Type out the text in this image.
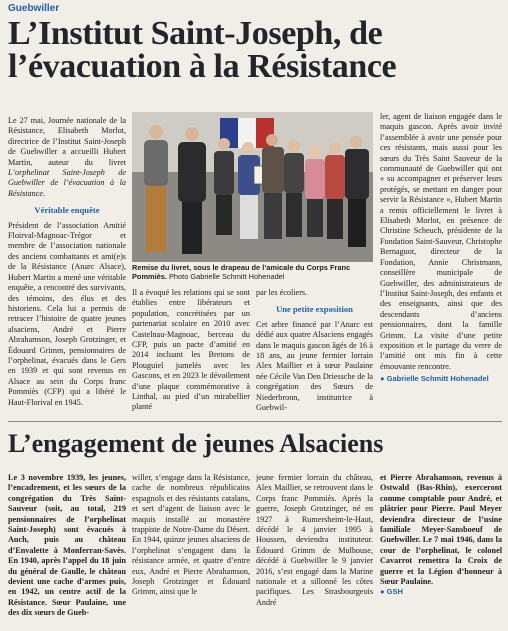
Guebwiller
L’Institut Saint-Joseph, de l’évacuation à la Résistance

Le 27 mai, Journée nationale de la Résistance, Elisabeth Morlot, directrice de l’Institut Saint-Joseph de Guebwiller a accueilli Hubert Martin, auteur du livret L’orphelinat Saint-Joseph de Guebwiller de l’évacuation à la Résistance.

Véritable enquête

Président de l’association Amitié Floirval-Magnoac-Trégor et membre de l’association nationale des anciens combattants et ami(e)s de la Résistance (Anarc Alsace), Hubert Martin a mené une véritable enquête, a rencontré des survivants, des témoins, des élus et des historiens. Cela lui a permis de retracer l’histoire de quatre jeunes alsaciens, André et Pierre Abrahamson, Joseph Grotzinger, et Édouard Grimm, pensionnaires de l’orphelinat, évacués dans le Gers en 1939 et qui sont revenus en Alsace au sein du Corps franc Pommiès (CFP) qui a libéré le Haut-Florival en 1945.

Remise du livret, sous le drapeau de l’amicale du Corps Franc Pommiès. Photo Gabrielle Schmitt Hohenadel

Il a évoqué les relations qui se sont établies entre libérateurs et population, concrétisées par un partenariat scolaire en 2010 avec Castelnau-Magnoac, berceau du CFP, puis un pacte d’amitié en 2014 incluant les Bretons de Plouguiel jumelés avec les Gascons, et en 2023 le dévoilement d’une plaque commémorative à Linthal, au pied d’un mirabellier planté

par les écoliers.

Une petite exposition

Cet arbre financé par l’Anarc est dédié aux quatre Alsaciens engagés dans le maquis gascon âgés de 16 à 18 ans, au jeune fermier lorrain Alex Maillier et à sœur Paulaine née Cécile Van Den Driessche de la congrégation des Sœurs de Niederbronn, institutrice à Guebwil-

ler, agent de liaison engagée dans le maquis gascon. Après avoir invité l’assemblée à avoir une pensée pour ces résistants, mais aussi pour les sœurs du Très Saint Sauveur de la communauté de Guebwiller qui ont « su accompagner et préserver leurs protégés, se mettant en danger pour servir la Résistance », Hubert Martin a remis officiellement le livret à Elisabeth Morlot, en présence de Christine Scheuch, présidente de la Fondation Saint-Sauveur, Christophe Bernaguot, directeur de la Fondation, Annie Christmann, conseillère municipale de Guebwiller, des administrateurs de l’Institut Saint-Joseph, des enfants et des enseignants, ainsi que des descendants d’anciens pensionnaires, dont la famille Grimm. La visite d’une petite exposition et le partage du verre de l’amitié ont mis fin à cette émouvante rencontre.

● Gabrielle Schmitt Hohenadel

L’engagement de jeunes Alsaciens
Le 3 novembre 1939, les jeunes, l’encadrement, et les sœurs de la congrégation du Très Saint-Sauveur (soit, au total, 219 pensionnaires de l’orphelinat Saint-Joseph) sont évacués à Auch, puis au château d’Envalette à Monferran-Savès. En 1940, après l’appel du 18 juin du général de Gaulle, le château devient une cache d’armes puis, en 1942, un centre actif de la Résistance. Sœur Paulaine, une des dix sœurs de Gueb-
willer, s’engage dans la Résistance, cache de nombreux républicains espagnols et des résistants catalans, et sert d’agent de liaison avec le maquis installé au monastère trappiste de Notre-Dame du Désert. En 1944, quinze jeunes alsaciens de l’orphelinat s’engagent dans la résistance armée, et quatre d’entre eux, André et Pierre Abrahamson, Joseph Grotzinger et Édouard Grimm, ainsi que le
jeune fermier lorrain du château, Alex Maillier, se retrouvent dans le Corps franc Pommiès. Après la guerre, Joseph Grotzinger, né en 1927 à Rumersheim-le-Haut, décédé le 4 janvier 1995 à Houssen, deviendra instituteur. Édouard Grimm de Mulhouse, décédé à Guebwiller le 9 janvier 2016, s’est engagé dans la Marine nationale et a sillonné les côtes pacifiques. Les Strasbourgeois André

et Pierre Abrahamson, revenus à Ostwald (Bas-Rhin), exerceront comme comptable pour André, et plâtrier pour Pierre. Paul Meyer deviendra directeur de l’usine familiale Meyer-Sansboeuf de Guebwiller. Le 7 mai 1946, dans la cour de l’orphelinat, le colonel Cavarrot remettra la Croix de guerre et la Légion d’honneur à Sœur Paulaine.

● GSH
